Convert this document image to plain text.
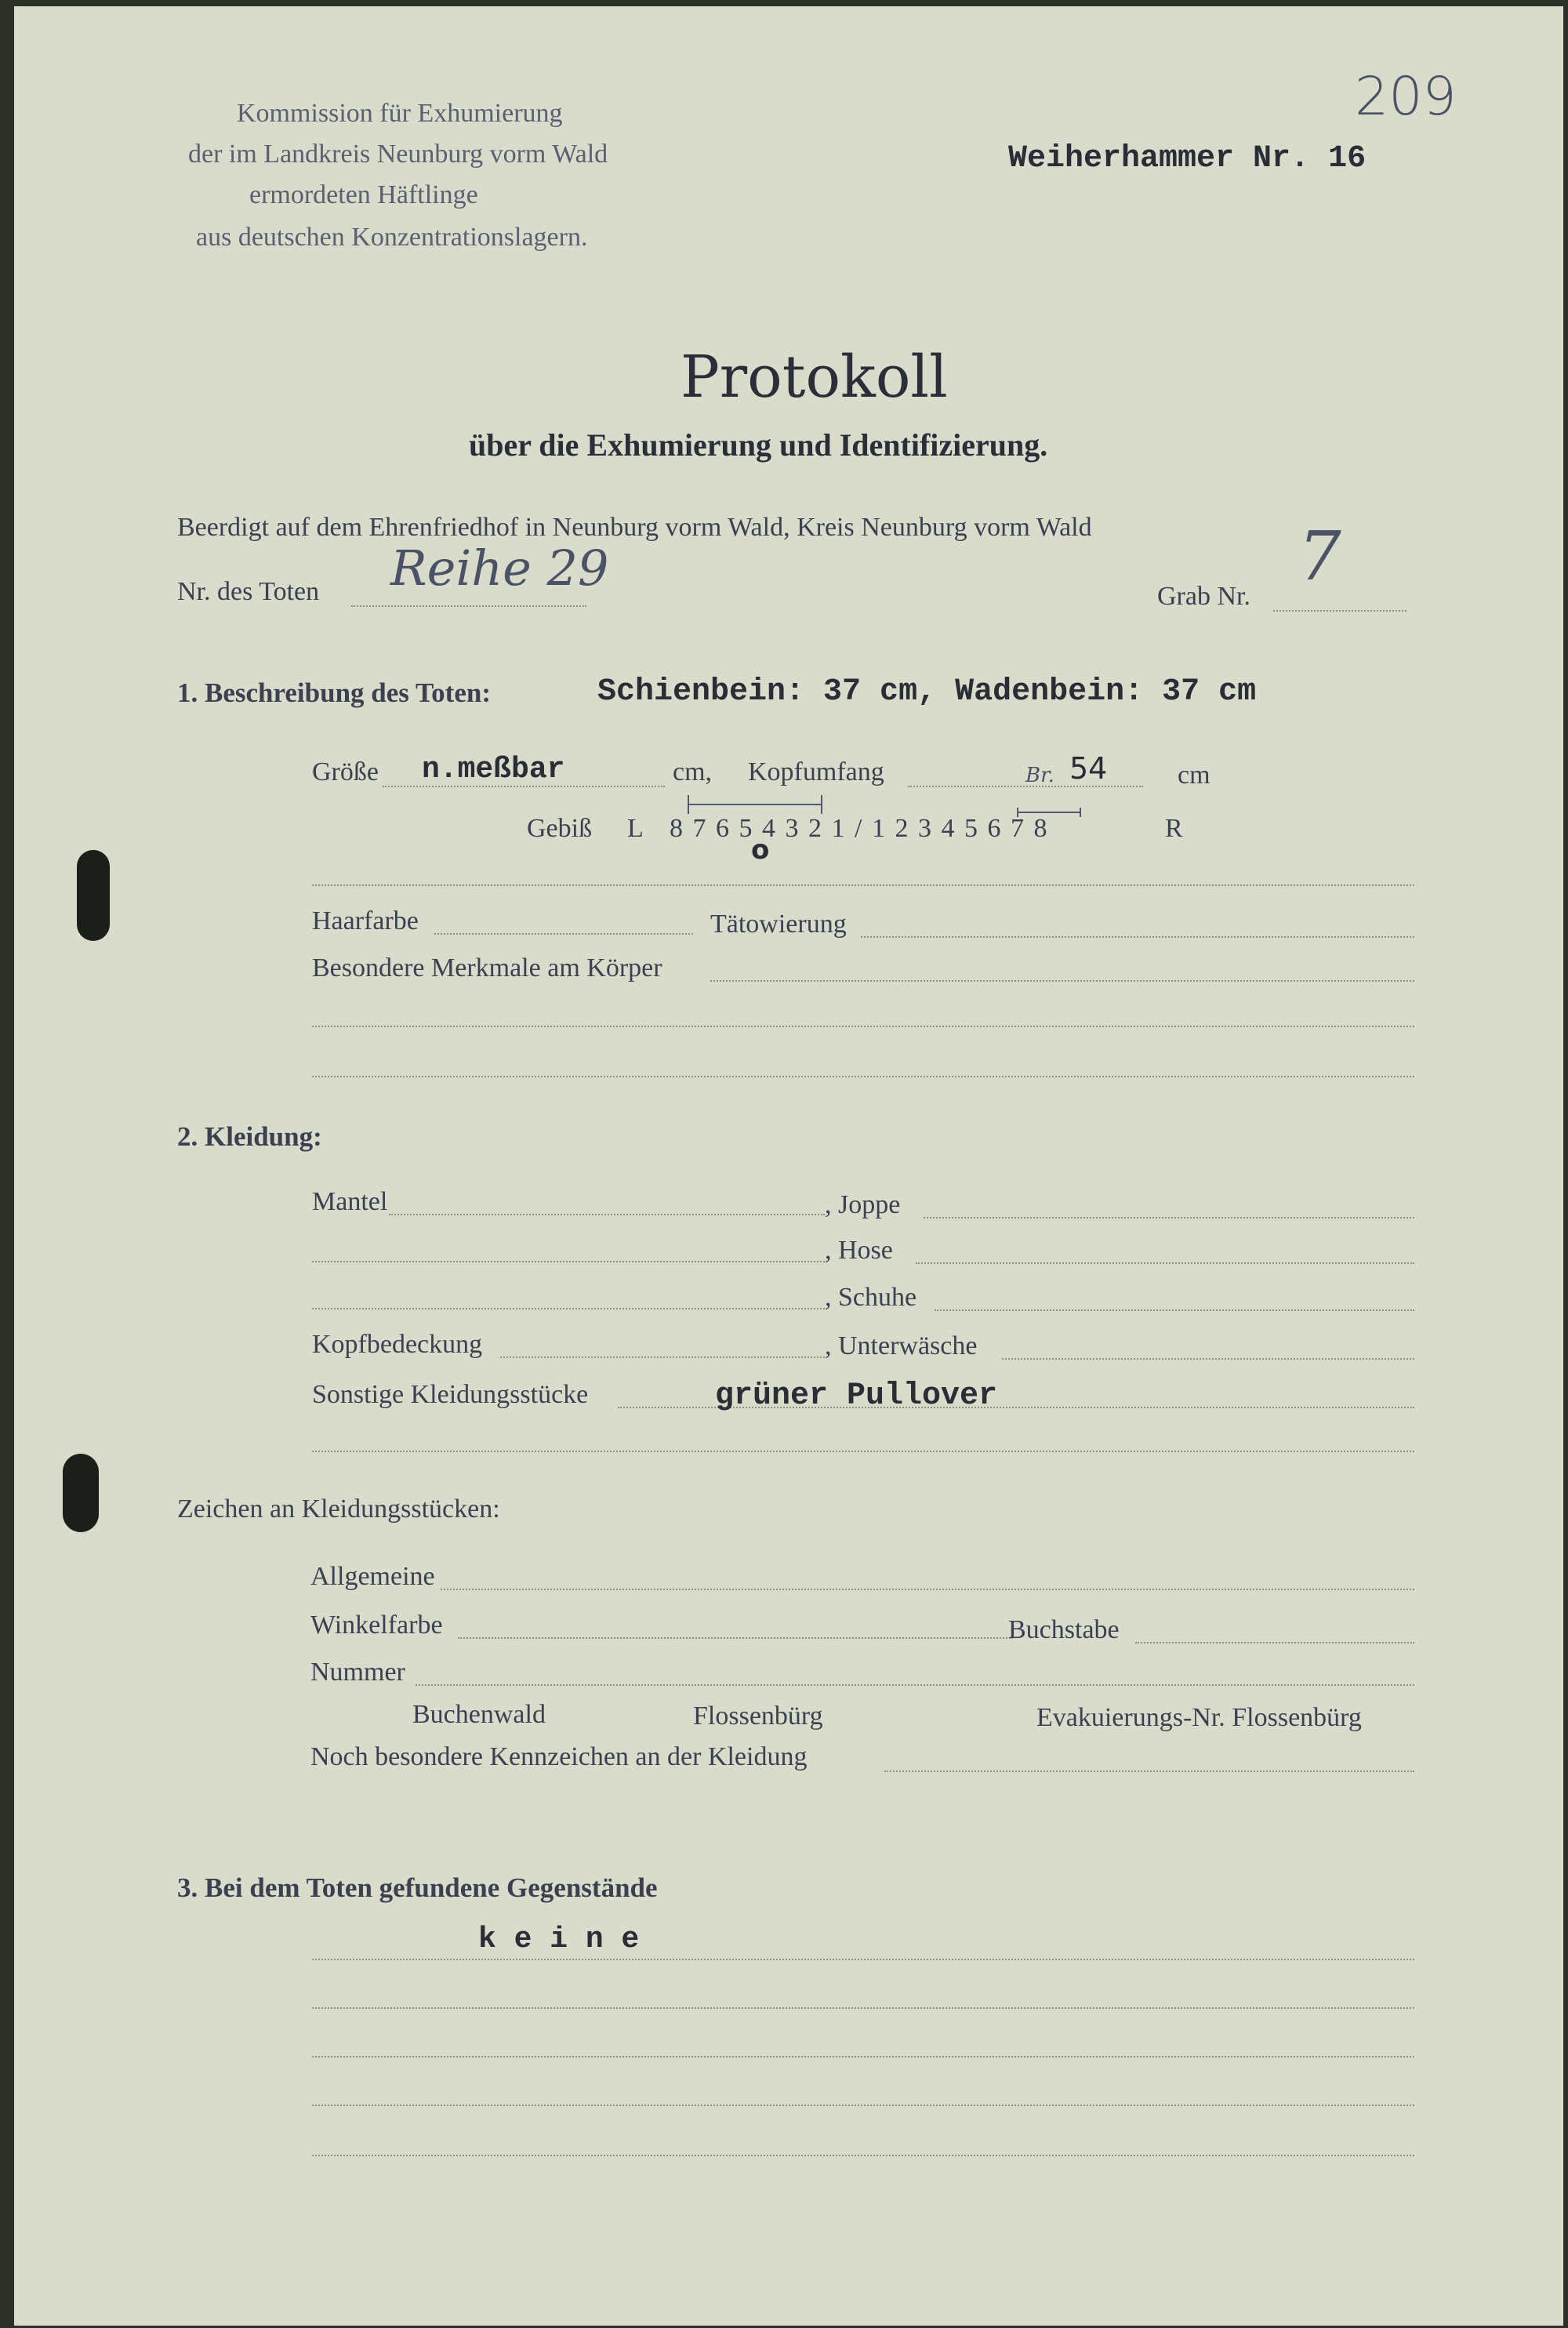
Kommission für Exhumierung
der im Landkreis Neunburg vorm Wald
ermordeten Häftlinge
aus deutschen Konzentrationslagern.
209
Weiherhammer Nr. 16
Protokoll
über die Exhumierung und Identifizierung.
Beerdigt auf dem Ehrenfriedhof in Neunburg vorm Wald, Kreis Neunburg vorm Wald
Nr. des Toten Reihe 29	Grab Nr.
7
1. Beschreibung des Toten:	Schienbein: 37 cm, Wadenbein: 37 cm
Größe n.meßbar	cm, Kopfumfang	Br. 54	cm
Gebiß L 8 7 6 5 4 3 2 1 / 1 2 3 4 5 6 7 8	R
o
Haarfarbe	Tätowierung
Besondere Merkmale am Körper
2. Kleidung:
Mantel	, Joppe
, Hose
, Schuhe
Kopfbedeckung	, Unterwäsche
Sonstige Kleidungsstücke	grüner Pullover
Zeichen an Kleidungsstücken:
Allgemeine
Winkelfarbe	Buchstabe
Nummer
Buchenwald	Flossenbürg	Evakuierungs-Nr. Flossenbürg
Noch besondere Kennzeichen an der Kleidung
3. Bei dem Toten gefundene Gegenstände
k e i n e
